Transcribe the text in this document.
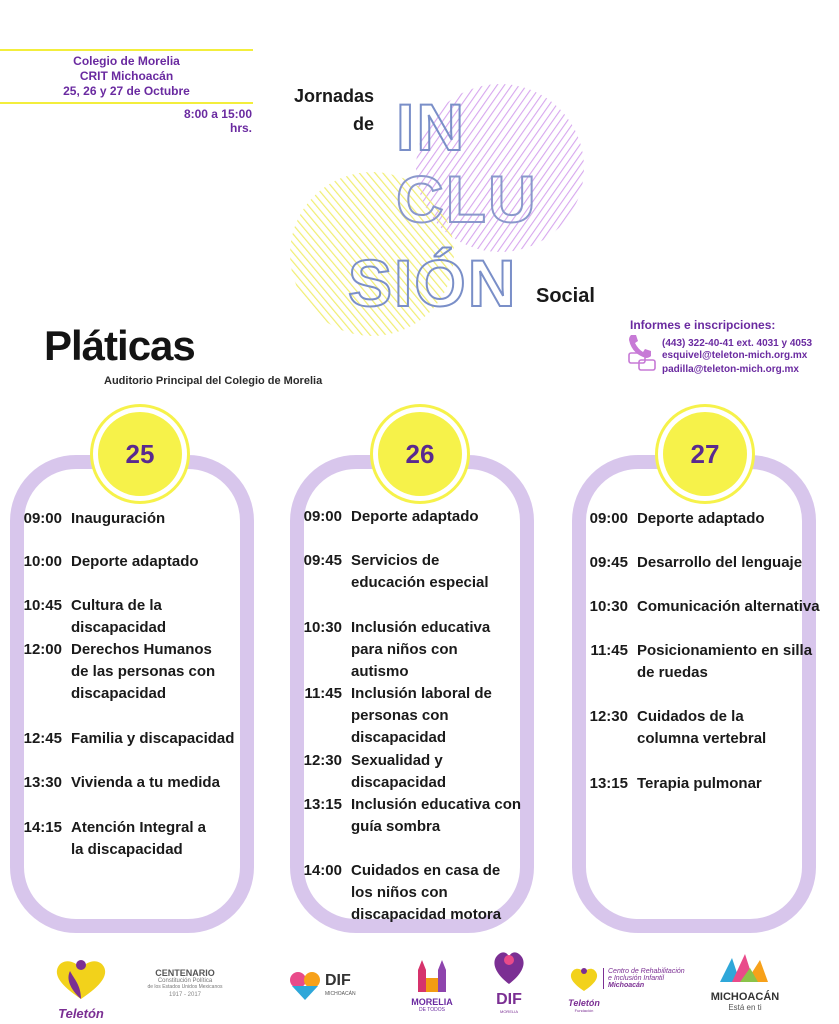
Colegio de Morelia
CRIT Michoacán
25, 26 y 27 de Octubre
8:00 a 15:00 hrs.
Jornadas
de IN
CLU
SIÓN Social
Pláticas
Auditorio Principal del Colegio de Morelia
Informes e inscripciones:
(443) 322-40-41 ext. 4031 y 4053
esquivel@teleton-mich.org.mx
padilla@teleton-mich.org.mx
25	26	27
09:00 Inauguración
10:00 Deporte adaptado
10:45 Cultura de la discapacidad
12:00 Derechos Humanos de las personas con discapacidad
12:45 Familia y discapacidad
13:30 Vivienda a tu medida
14:15 Atención Integral a la discapacidad
09:00 Deporte adaptado
09:45 Servicios de educación especial
10:30 Inclusión educativa para niños con autismo
11:45 Inclusión laboral de personas con discapacidad
12:30 Sexualidad y discapacidad
13:15 Inclusión educativa con guía sombra
14:00 Cuidados en casa de los niños con discapacidad motora
09:00 Deporte adaptado
09:45 Desarrollo del lenguaje
10:30 Comunicación alternativa
11:45 Posicionamiento en silla de ruedas
12:30 Cuidados de la columna vertebral
13:15 Terapia pulmonar
Teletón
CENTENARIO
Constitución Política
de los Estados Unidos Mexicanos
1917 - 2017
DIF
MICHOACÁN
MORELIA
DE TODOS
DIF
MORELIA
Teletón
Fundación
Centro de Rehabilitación
e Inclusión Infantil
Michoacán
MICHOACÁN
Está en ti
